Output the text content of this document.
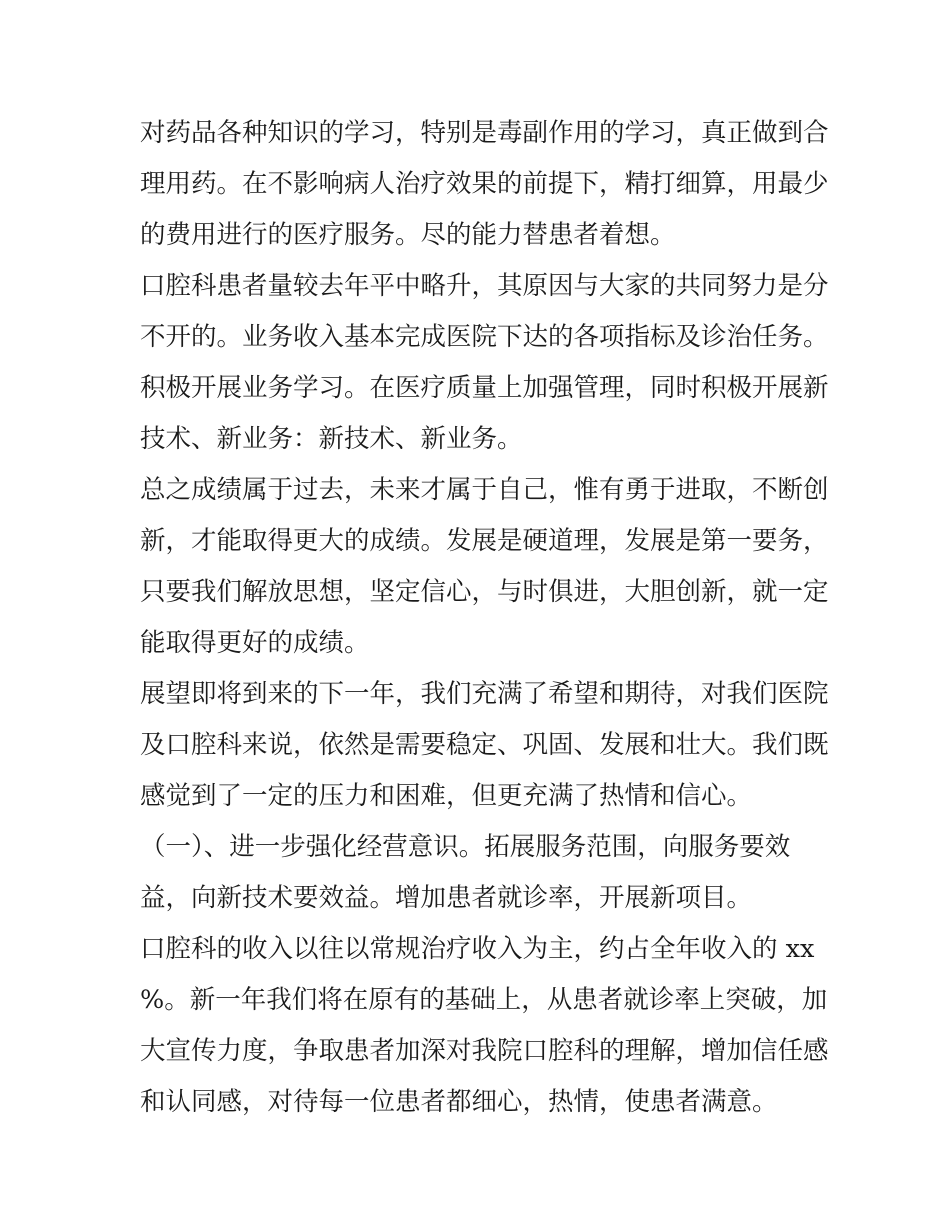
对药品各种知识的学习，特别是毒副作用的学习，真正做到合
理用药。在不影响病人治疗效果的前提下，精打细算，用最少
的费用进行的医疗服务。尽的能力替患者着想。
口腔科患者量较去年平中略升，其原因与大家的共同努力是分
不开的。业务收入基本完成医院下达的各项指标及诊治任务。
积极开展业务学习。在医疗质量上加强管理，同时积极开展新
技术、新业务：新技术、新业务。
总之成绩属于过去，未来才属于自己，惟有勇于进取，不断创
新，才能取得更大的成绩。发展是硬道理，发展是第一要务，
只要我们解放思想，坚定信心，与时俱进，大胆创新，就一定
能取得更好的成绩。
展望即将到来的下一年，我们充满了希望和期待，对我们医院
及口腔科来说，依然是需要稳定、巩固、发展和壮大。我们既
感觉到了一定的压力和困难，但更充满了热情和信心。
（一）、进一步强化经营意识。拓展服务范围，向服务要效
益，向新技术要效益。增加患者就诊率，开展新项目。
口腔科的收入以往以常规治疗收入为主，约占全年收入的 xx
%。新一年我们将在原有的基础上，从患者就诊率上突破，加
大宣传力度，争取患者加深对我院口腔科的理解，增加信任感
和认同感，对待每一位患者都细心，热情，使患者满意。
